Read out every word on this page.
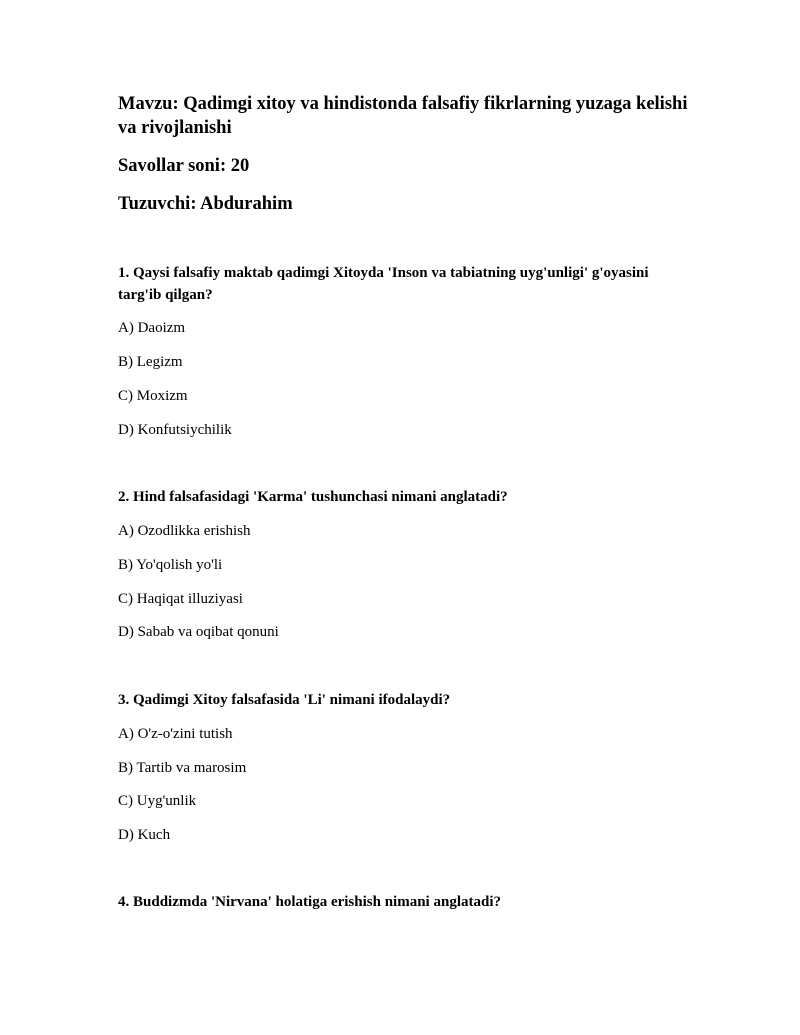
Mavzu: Qadimgi xitoy va hindistonda falsafiy fikrlarning yuzaga kelishi va rivojlanishi
Savollar soni: 20
Tuzuvchi: Abdurahim

1. Qaysi falsafiy maktab qadimgi Xitoyda 'Inson va tabiatning uyg'unligi' g'oyasini targ'ib qilgan?

A) Daoizm

B) Legizm

C) Moxizm

D) Konfutsiychilik

2. Hind falsafasidagi 'Karma' tushunchasi nimani anglatadi?

A) Ozodlikka erishish

B) Yo'qolish yo'li

C) Haqiqat illuziyasi

D) Sabab va oqibat qonuni

3. Qadimgi Xitoy falsafasida 'Li' nimani ifodalaydi?

A) O'z-o'zini tutish

B) Tartib va marosim

C) Uyg'unlik

D) Kuch

4. Buddizmda 'Nirvana' holatiga erishish nimani anglatadi?
